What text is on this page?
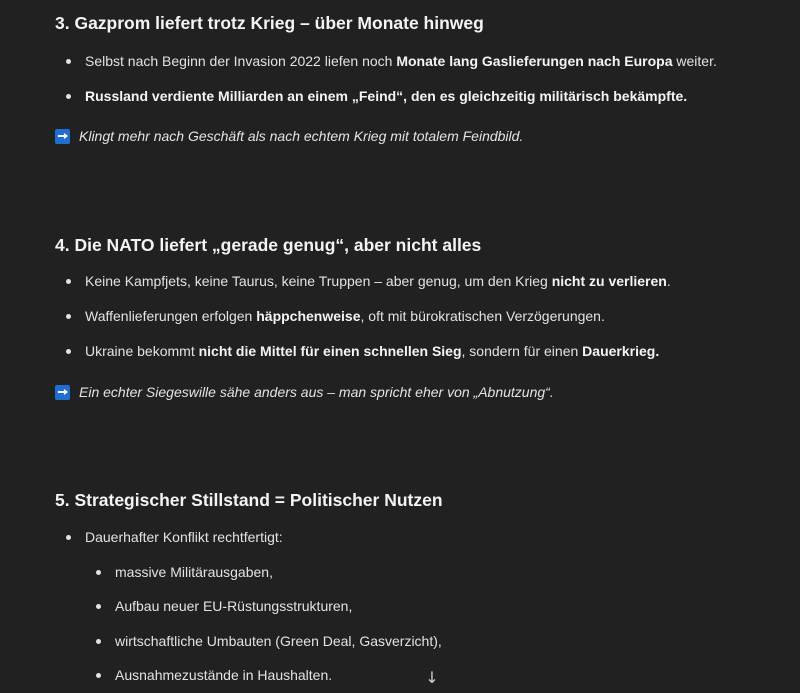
3. Gazprom liefert trotz Krieg – über Monate hinweg
Selbst nach Beginn der Invasion 2022 liefen noch Monate lang Gaslieferungen nach Europa weiter.
Russland verdiente Milliarden an einem „Feind“, den es gleichzeitig militärisch bekämpfte.
Klingt mehr nach Geschäft als nach echtem Krieg mit totalem Feindbild.
4. Die NATO liefert „gerade genug“, aber nicht alles
Keine Kampfjets, keine Taurus, keine Truppen – aber genug, um den Krieg nicht zu verlieren.
Waffenlieferungen erfolgen häppchenweise, oft mit bürokratischen Verzögerungen.
Ukraine bekommt nicht die Mittel für einen schnellen Sieg, sondern für einen Dauerkrieg.
Ein echter Siegeswille sähe anders aus – man spricht eher von „Abnutzung“.
5. Strategischer Stillstand = Politischer Nutzen
Dauerhafter Konflikt rechtfertigt:
massive Militärausgaben,
Aufbau neuer EU-Rüstungsstrukturen,
wirtschaftliche Umbauten (Green Deal, Gasverzicht),
Ausnahmezustände in Haushalten.	↓
